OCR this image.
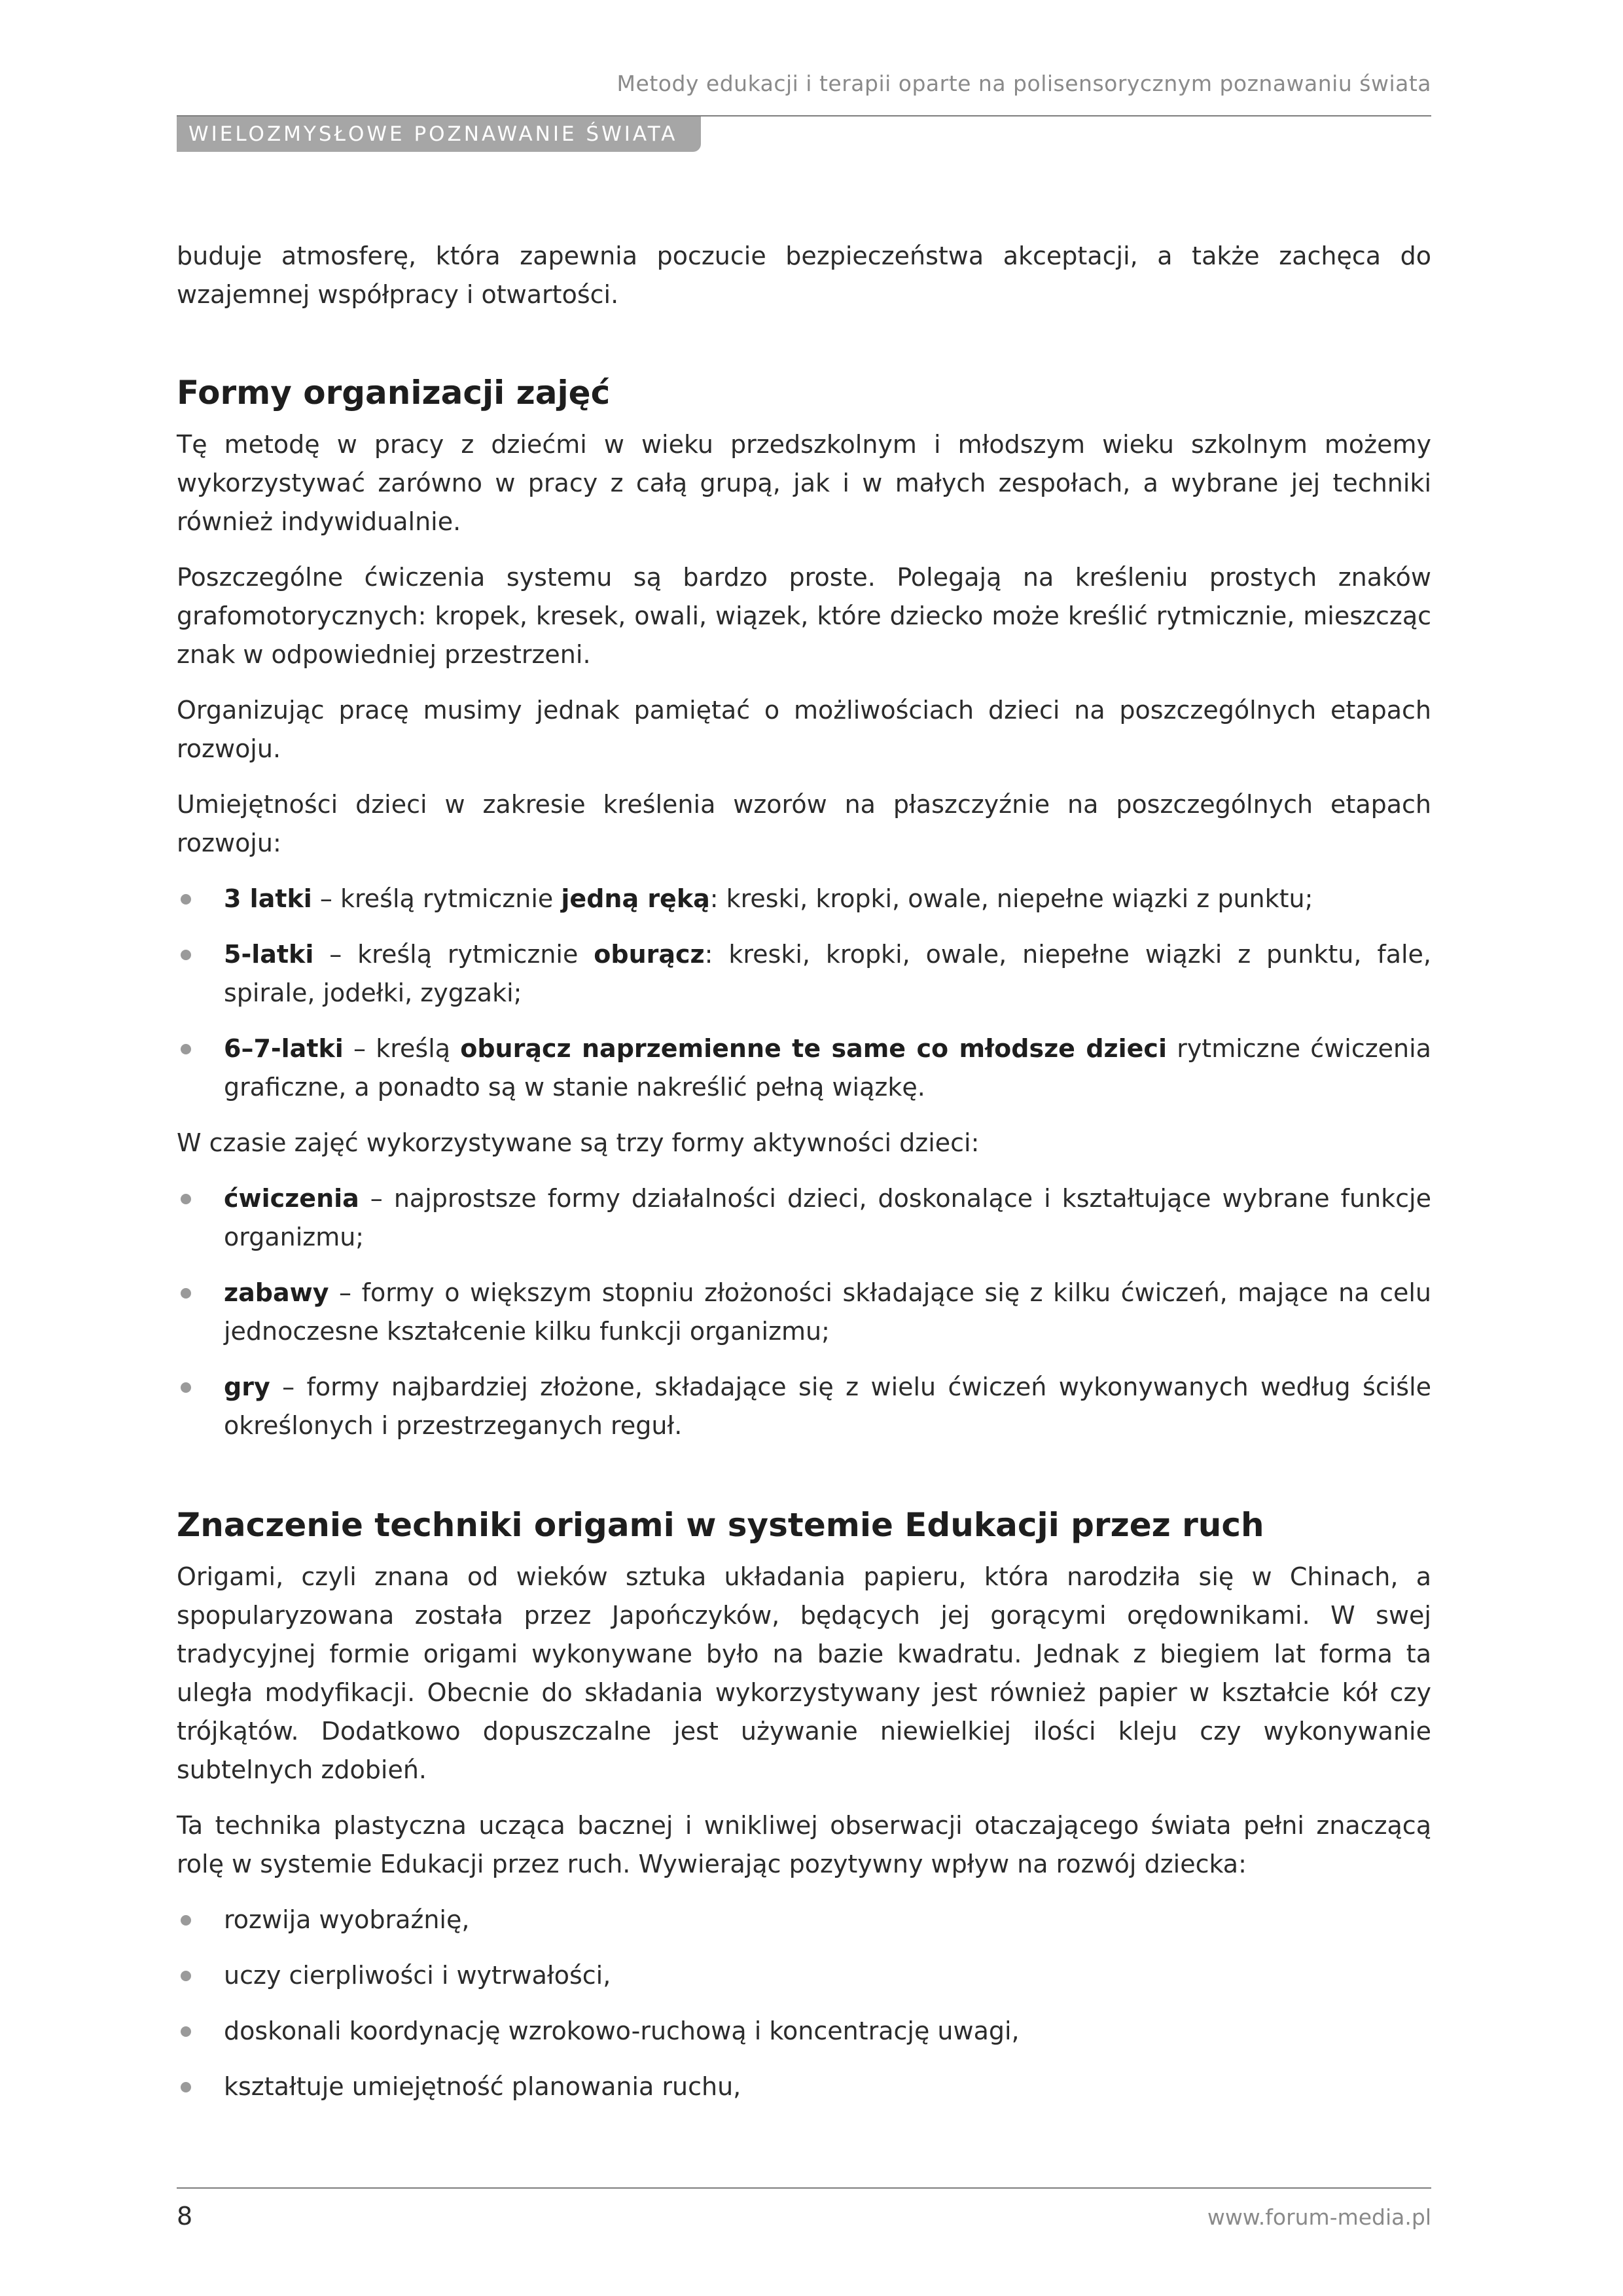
Metody edukacji i terapii oparte na polisensorycznym poznawaniu świata
WIELOZMYSŁOWE POZNAWANIE ŚWIATA

buduje atmosferę, która zapewnia poczucie bezpieczeństwa akceptacji, a także zachęca do wzajemnej współpracy i otwartości.

Formy organizacji zajęć

Tę metodę w pracy z dziećmi w wieku przedszkolnym i młodszym wieku szkolnym możemy wykorzystywać zarówno w pracy z całą grupą, jak i w małych zespołach, a wybrane jej techniki również indywidualnie.

Poszczególne ćwiczenia systemu są bardzo proste. Polegają na kreśleniu prostych znaków grafomotorycznych: kropek, kresek, owali, wiązek, które dziecko może kreślić rytmicznie, mieszcząc znak w odpowiedniej przestrzeni.

Organizując pracę musimy jednak pamiętać o możliwościach dzieci na poszczególnych etapach rozwoju.

Umiejętności dzieci w zakresie kreślenia wzorów na płaszczyźnie na poszczególnych etapach rozwoju:

3 latki – kreślą rytmicznie jedną ręką: kreski, kropki, owale, niepełne wiązki z punktu;
5-latki – kreślą rytmicznie oburącz: kreski, kropki, owale, niepełne wiązki z punktu, fale, spirale, jodełki, zygzaki;
6–7-latki – kreślą oburącz naprzemienne te same co młodsze dzieci rytmiczne ćwiczenia graficzne, a ponadto są w stanie nakreślić pełną wiązkę.

W czasie zajęć wykorzystywane są trzy formy aktywności dzieci:

ćwiczenia – najprostsze formy działalności dzieci, doskonalące i kształtujące wybrane funkcje organizmu;
zabawy – formy o większym stopniu złożoności składające się z kilku ćwiczeń, mające na celu jednoczesne kształcenie kilku funkcji organizmu;
gry – formy najbardziej złożone, składające się z wielu ćwiczeń wykonywanych według ściśle określonych i przestrzeganych reguł.
Znaczenie techniki origami w systemie Edukacji przez ruch

Origami, czyli znana od wieków sztuka układania papieru, która narodziła się w Chinach, a spopularyzowana została przez Japończyków, będących jej gorącymi orędownikami. W swej tradycyjnej formie origami wykonywane było na bazie kwadratu. Jednak z biegiem lat forma ta uległa modyfikacji. Obecnie do składania wykorzystywany jest również papier w kształcie kół czy trójkątów. Dodatkowo dopuszczalne jest używanie niewielkiej ilości kleju czy wykonywanie subtelnych zdobień.

Ta technika plastyczna ucząca bacznej i wnikliwej obserwacji otaczającego świata pełni znaczącą rolę w systemie Edukacji przez ruch. Wywierając pozytywny wpływ na rozwój dziecka:

rozwija wyobraźnię,
uczy cierpliwości i wytrwałości,
doskonali koordynację wzrokowo-ruchową i koncentrację uwagi,
kształtuje umiejętność planowania ruchu,
8	www.forum-media.pl
